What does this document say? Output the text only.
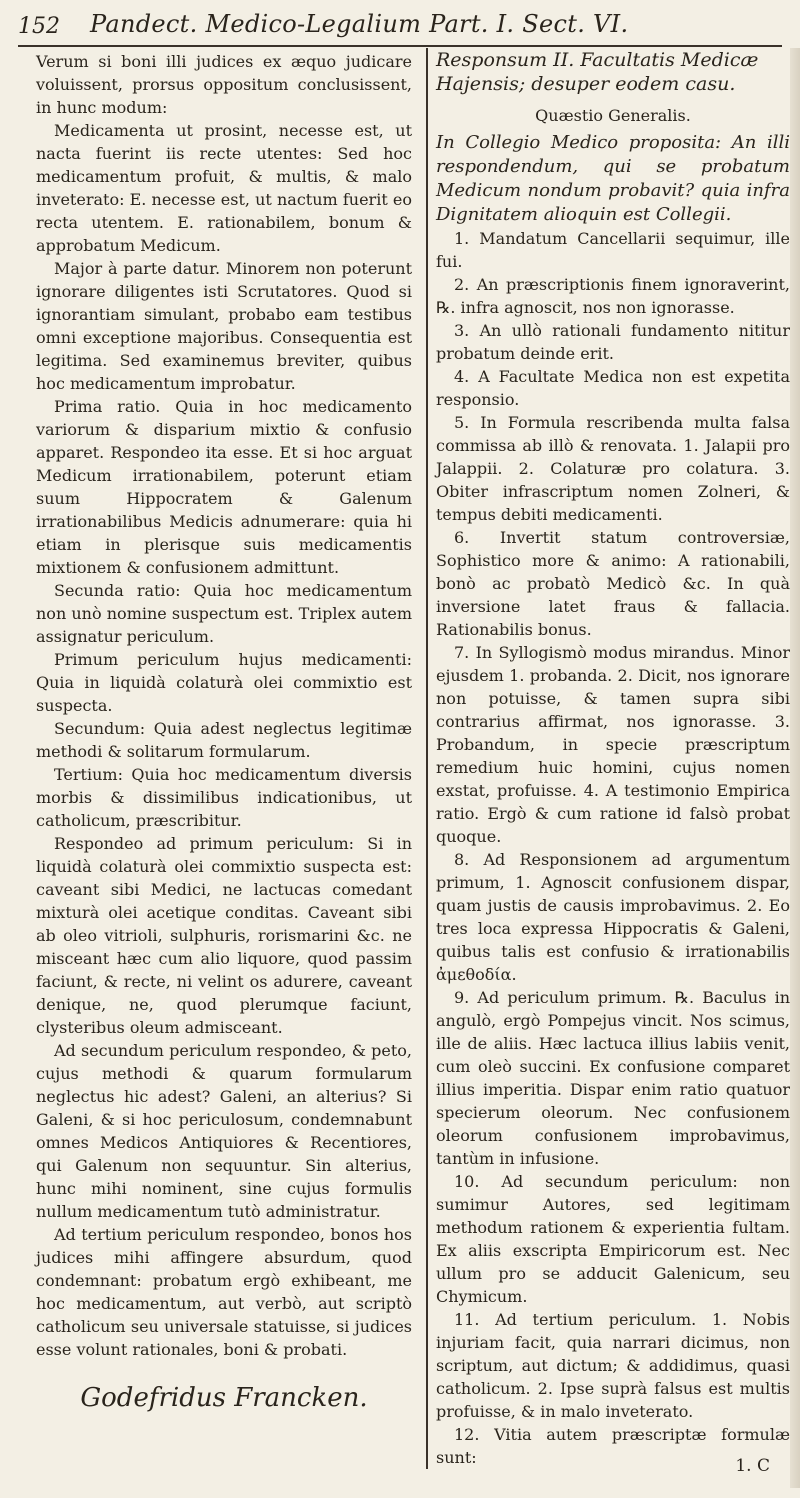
152 Pandect. Medico-Legalium Part. I. Sect. VI.

Verum si boni illi judices ex æquo judicare voluissent, prorsus oppositum conclusissent, in hunc modum:

Medicamenta ut prosint, necesse est, ut nacta fuerint iis recte utentes: Sed hoc medicamentum profuit, & multis, & malo inveterato: E. necesse est, ut nactum fuerit eo recta utentem. E. rationabilem, bonum & approbatum Medicum.

Major à parte datur. Minorem non poterunt ignorare diligentes isti Scrutatores. Quod si ignorantiam simulant, probabo eam testibus omni exceptione majoribus. Consequentia est legitima. Sed examinemus breviter, quibus hoc medicamentum improbatur.

Prima ratio. Quia in hoc medicamento variorum & disparium mixtio & confusio apparet. Respondeo ita esse. Et si hoc arguat Medicum irrationabilem, poterunt etiam suum Hippocratem & Galenum irrationabilibus Medicis adnumerare: quia hi etiam in plerisque suis medicamentis mixtionem & confusionem admittunt.

Secunda ratio: Quia hoc medicamentum non unò nomine suspectum est. Triplex autem assignatur periculum.

Primum periculum hujus medicamenti: Quia in liquidà colaturà olei commixtio est suspecta.

Secundum: Quia adest neglectus legitimæ methodi & solitarum formularum.

Tertium: Quia hoc medicamentum diversis morbis & dissimilibus indicationibus, ut catholicum, præscribitur.

Respondeo ad primum periculum: Si in liquidà colaturà olei commixtio suspecta est: caveant sibi Medici, ne lactucas comedant mixturà olei acetique conditas. Caveant sibi ab oleo vitrioli, sulphuris, rorismarini &c. ne misceant hæc cum alio liquore, quod passim faciunt, & recte, ni velint os adurere, caveant denique, ne, quod plerumque faciunt, clysteribus oleum admisceant.

Ad secundum periculum respondeo, & peto, cujus methodi & quarum formularum neglectus hic adest? Galeni, an alterius? Si Galeni, & si hoc periculosum, condemnabunt omnes Medicos Antiquiores & Recentiores, qui Galenum non sequuntur. Sin alterius, hunc mihi nominent, sine cujus formulis nullum medicamentum tutò administratur.

Ad tertium periculum respondeo, bonos hos judices mihi affingere absurdum, quod condemnant: probatum ergò exhibeant, me hoc medicamentum, aut verbò, aut scriptò catholicum seu universale statuisse, si judices esse volunt rationales, boni & probati.

Godefridus Francken.
Responsum II. Facultatis Medicæ Hajensis; desuper eodem casu.

Quæstio Generalis.

In Collegio Medico proposita: An illi respondendum, qui se probatum Medicum nondum probavit? quia infra Dignitatem alioquin est Collegii.

1. Mandatum Cancellarii sequimur, ille fui.

2. An præscriptionis finem ignoraverint, ℞. infra agnoscit, nos non ignorasse.

3. An ullò rationali fundamento nititur probatum deinde erit.

4. A Facultate Medica non est expetita responsio.

5. In Formula rescribenda multa falsa commissa ab illò & renovata. 1. Jalapii pro Jalappii. 2. Colaturæ pro colatura. 3. Obiter infrascriptum nomen Zolneri, & tempus debiti medicamenti.

6. Invertit statum controversiæ, Sophistico more & animo: A rationabili, bonò ac probatò Medicò &c. In quà inversione latet fraus & fallacia. Rationabilis bonus.

7. In Syllogismò modus mirandus. Minor ejusdem 1. probanda. 2. Dicit, nos ignorare non potuisse, & tamen supra sibi contrarius affirmat, nos ignorasse. 3. Probandum, in specie præscriptum remedium huic homini, cujus nomen exstat, profuisse. 4. A testimonio Empirica ratio. Ergò & cum ratione id falsò probat quoque.

8. Ad Responsionem ad argumentum primum, 1. Agnoscit confusionem dispar, quam justis de causis improbavimus. 2. Eo tres loca expressa Hippocratis & Galeni, quibus talis est confusio & irrationabilis ἀμεθοδία.

9. Ad periculum primum. ℞. Baculus in angulò, ergò Pompejus vincit. Nos scimus, ille de aliis. Hæc lactuca illius labiis venit, cum oleò succini. Ex confusione comparet illius imperitia. Dispar enim ratio quatuor specierum oleorum. Nec confusionem oleorum confusionem improbavimus, tantùm in infusione.

10. Ad secundum periculum: non sumimur Autores, sed legitimam methodum rationem & experientia fultam. Ex aliis exscripta Empiricorum est. Nec ullum pro se adducit Galenicum, seu Chymicum.

11. Ad tertium periculum. 1. Nobis injuriam facit, quia narrari dicimus, non scriptum, aut dictum; & addidimus, quasi catholicum. 2. Ipse suprà falsus est multis profuisse, & in malo inveterato.

12. Vitia autem præscriptæ formulæ sunt:	1. C
